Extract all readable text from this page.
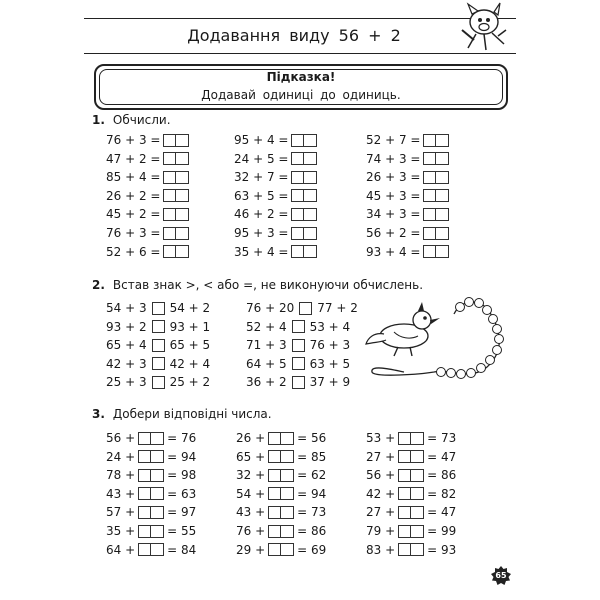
Додавання виду 56 + 2
Підказка!
Додавай одиниці до одиниць.
1. Обчисли.
76 + 3 =
47 + 2 =
85 + 4 =
26 + 2 =
45 + 2 =
76 + 3 =
52 + 6 =
95 + 4 =
24 + 5 =
32 + 7 =
63 + 5 =
46 + 2 =
95 + 3 =
35 + 4 =
52 + 7 =
74 + 3 =
26 + 3 =
45 + 3 =
34 + 3 =
56 + 2 =
93 + 4 =
2. Встав знак >, < або =, не виконуючи обчислень.
54 + 3 54 + 2
93 + 2 93 + 1
65 + 4 65 + 5
42 + 3 42 + 4
25 + 3 25 + 2
76 + 20 77 + 2
52 + 4 53 + 4
71 + 3 76 + 3
64 + 5 63 + 5
36 + 2 37 + 9
3. Добери відповідні числа.
56 +	= 76
24 +	= 94
78 +	= 98
43 +	= 63
57 +	= 97
35 +	= 55
64 +	= 84
26 +	= 56
65 +	= 85
32 +	= 62
54 +	= 94
43 +	= 73
76 +	= 86
29 +	= 69
53 +	= 73
27 +	= 47
56 +	= 86
42 +	= 82
27 +	= 47
79 +	= 99
83 +	= 93
65
